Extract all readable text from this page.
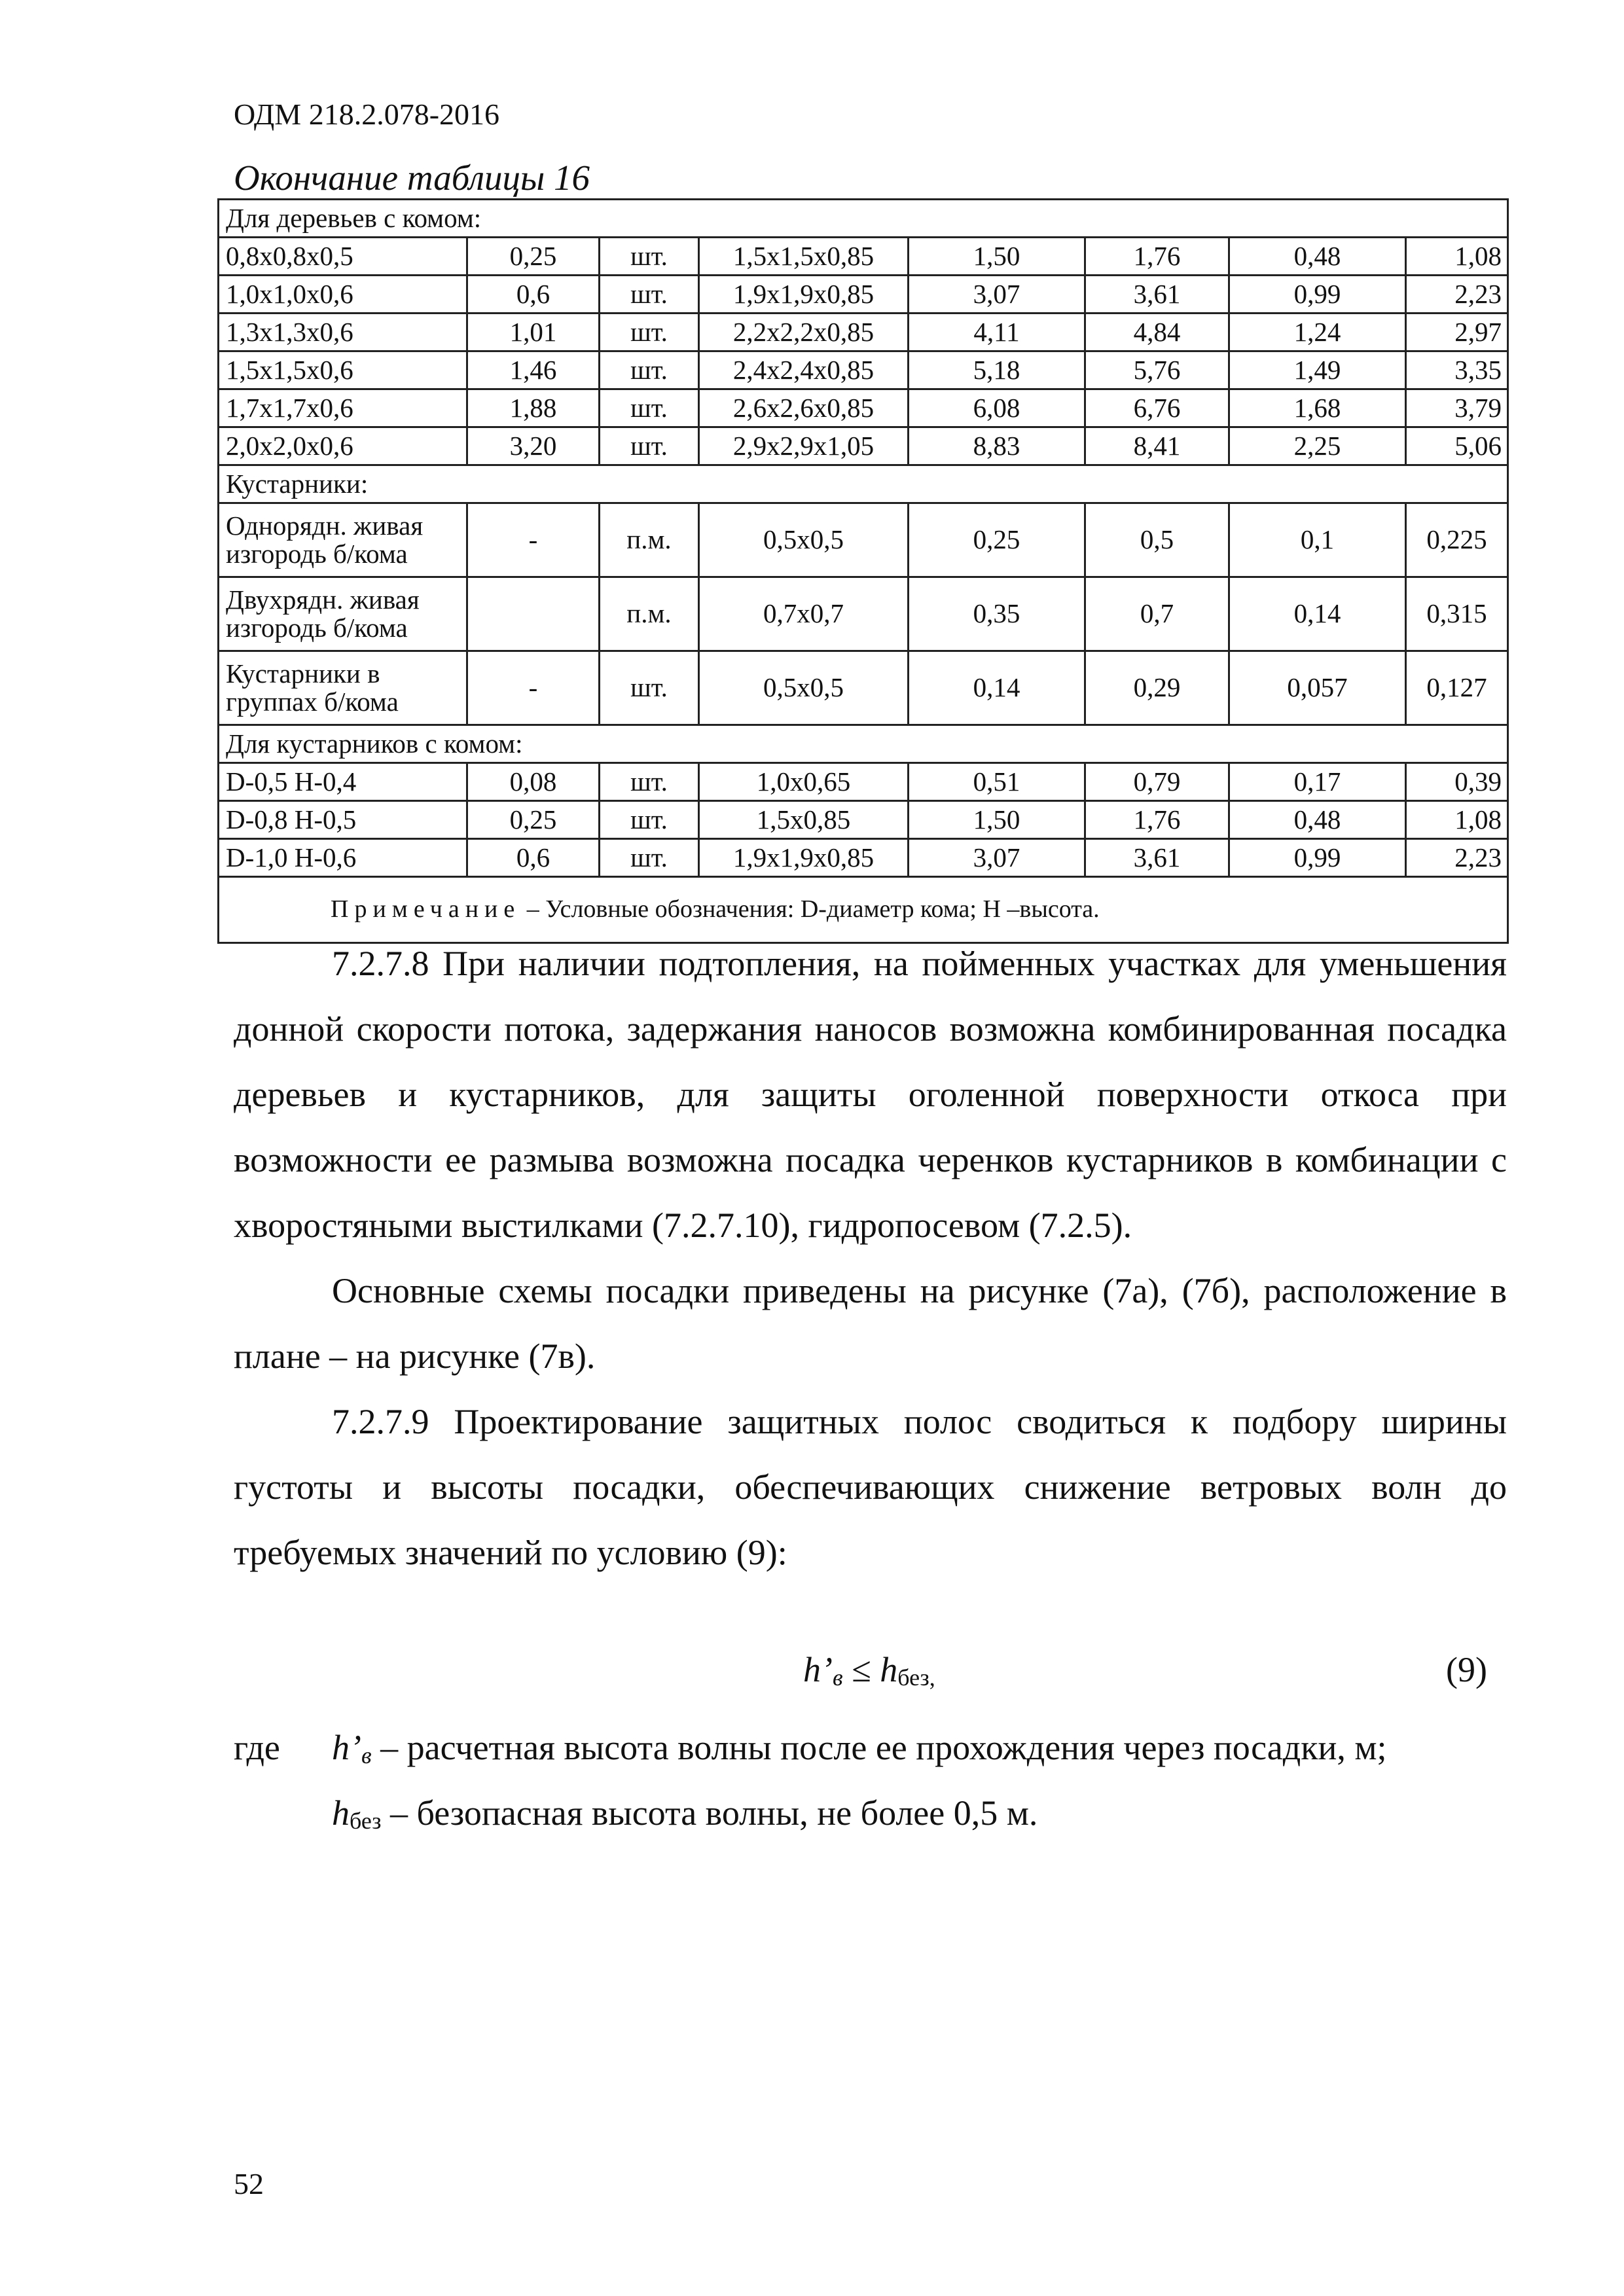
ОДМ 218.2.078-2016
Окончание таблицы 16
Для деревьев с комом:							
0,8х0,8х0,5	0,25	шт.	1,5х1,5х0,85	1,50	1,76	0,48	1,08
1,0х1,0х0,6	0,6	шт.	1,9х1,9х0,85	3,07	3,61	0,99	2,23
1,3х1,3х0,6	1,01	шт.	2,2х2,2х0,85	4,11	4,84	1,24	2,97
1,5х1,5х0,6	1,46	шт.	2,4х2,4х0,85	5,18	5,76	1,49	3,35
1,7х1,7х0,6	1,88	шт.	2,6х2,6х0,85	6,08	6,76	1,68	3,79
2,0х2,0х0,6	3,20	шт.	2,9х2,9х1,05	8,83	8,41	2,25	5,06
Кустарники:							
Однорядн. живая изгородь б/кома	-	п.м.	0,5х0,5	0,25	0,5	0,1	0,225
Двухрядн. живая изгородь б/кома		п.м.	0,7х0,7	0,35	0,7	0,14	0,315
Кустарники в группах б/кома	-	шт.	0,5х0,5	0,14	0,29	0,057	0,127
Для кустарников с комом:							
D-0,5 Н-0,4	0,08	шт.	1,0х0,65	0,51	0,79	0,17	0,39
D-0,8 Н-0,5	0,25	шт.	1,5х0,85	1,50	1,76	0,48	1,08
D-1,0 Н-0,6	0,6	шт.	1,9х1,9х0,85	3,07	3,61	0,99	2,23
Примечание – Условные обозначения: D-диаметр кома; Н –высота.							

7.2.7.8 При наличии подтопления, на пойменных участках для уменьшения донной скорости потока, задержания наносов возможна комбинированная посадка деревьев и кустарников, для защиты оголенной поверхности откоса при возможности ее размыва возможна посадка черенков кустарников в комбинации с хворостяными выстилками (7.2.7.10), гидропосевом (7.2.5).

Основные схемы посадки приведены на рисунке (7а), (7б), расположение в плане – на рисунке (7в).

7.2.7.9 Проектирование защитных полос сводиться к подбору ширины густоты и высоты посадки, обеспечивающих снижение ветровых волн до требуемых значений по условию (9):

h’в ≤ hбез,	(9)
где h’в – расчетная высота волны после ее прохождения через посадки, м;
hбез – безопасная высота волны, не более 0,5 м.
52
